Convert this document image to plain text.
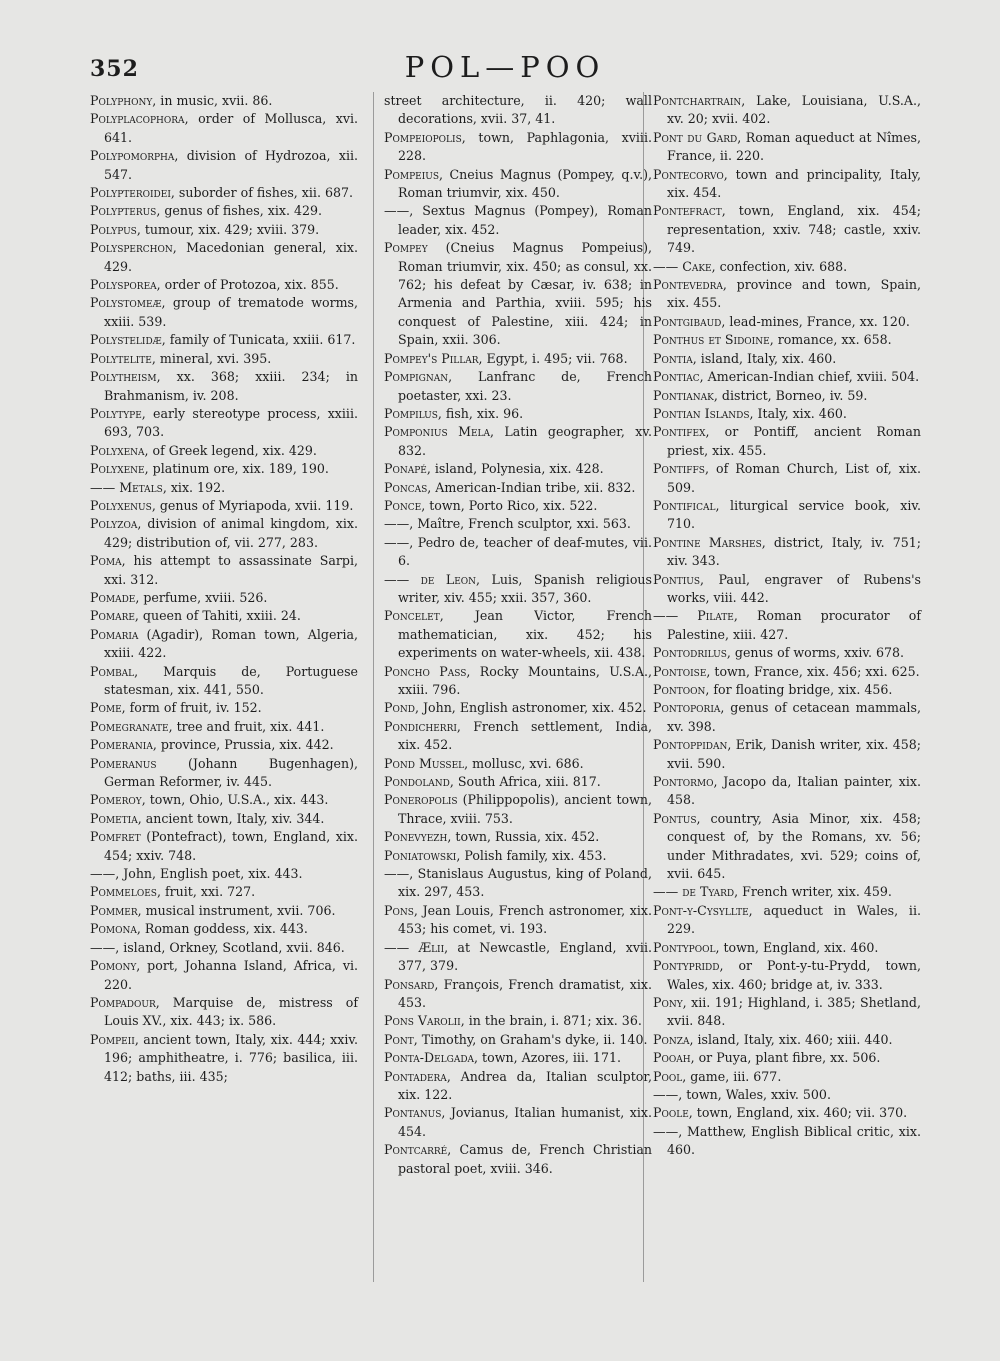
352	POL—POO

Polyphony, in music, xvii. 86.

Polyplacophora, order of Mollusca, xvi. 641.

Polypomorpha, division of Hydrozoa, xii. 547.

Polypteroidei, suborder of fishes, xii. 687.

Polypterus, genus of fishes, xix. 429.

Polypus, tumour, xix. 429; xviii. 379.

Polysperchon, Macedonian general, xix. 429.

Polysporea, order of Protozoa, xix. 855.

Polystomeæ, group of trematode worms, xxiii. 539.

Polystelidæ, family of Tunicata, xxiii. 617.

Polytelite, mineral, xvi. 395.

Polytheism, xx. 368; xxiii. 234; in Brahmanism, iv. 208.

Polytype, early stereotype process, xxiii. 693, 703.

Polyxena, of Greek legend, xix. 429.

Polyxene, platinum ore, xix. 189, 190.

—— Metals, xix. 192.

Polyxenus, genus of Myriapoda, xvii. 119.

Polyzoa, division of animal kingdom, xix. 429; distribution of, vii. 277, 283.

Poma, his attempt to assassinate Sarpi, xxi. 312.

Pomade, perfume, xviii. 526.

Pomare, queen of Tahiti, xxiii. 24.

Pomaria (Agadir), Roman town, Algeria, xxiii. 422.

Pombal, Marquis de, Portuguese statesman, xix. 441, 550.

Pome, form of fruit, iv. 152.

Pomegranate, tree and fruit, xix. 441.

Pomerania, province, Prussia, xix. 442.

Pomeranus (Johann Bugenhagen), German Reformer, iv. 445.

Pomeroy, town, Ohio, U.S.A., xix. 443.

Pometia, ancient town, Italy, xiv. 344.

Pomfret (Pontefract), town, England, xix. 454; xxiv. 748.

——, John, English poet, xix. 443.

Pommeloes, fruit, xxi. 727.

Pommer, musical instrument, xvii. 706.

Pomona, Roman goddess, xix. 443.

——, island, Orkney, Scotland, xvii. 846.

Pomony, port, Johanna Island, Africa, vi. 220.

Pompadour, Marquise de, mistress of Louis XV., xix. 443; ix. 586.

Pompeii, ancient town, Italy, xix. 444; xxiv. 196; amphitheatre, i. 776; basilica, iii. 412; baths, iii. 435;

street architecture, ii. 420; wall decorations, xvii. 37, 41.

Pompeiopolis, town, Paphlagonia, xviii. 228.

Pompeius, Cneius Magnus (Pompey, q.v.), Roman triumvir, xix. 450.

——, Sextus Magnus (Pompey), Roman leader, xix. 452.

Pompey (Cneius Magnus Pompeius), Roman triumvir, xix. 450; as consul, xx. 762; his defeat by Cæsar, iv. 638; in Armenia and Parthia, xviii. 595; his conquest of Palestine, xiii. 424; in Spain, xxii. 306.

Pompey's Pillar, Egypt, i. 495; vii. 768.

Pompignan, Lanfranc de, French poetaster, xxi. 23.

Pompilus, fish, xix. 96.

Pomponius Mela, Latin geographer, xv. 832.

Ponapé, island, Polynesia, xix. 428.

Poncas, American-Indian tribe, xii. 832.

Ponce, town, Porto Rico, xix. 522.

——, Maître, French sculptor, xxi. 563.

——, Pedro de, teacher of deaf-mutes, vii. 6.

—— de Leon, Luis, Spanish religious writer, xiv. 455; xxii. 357, 360.

Poncelet, Jean Victor, French mathematician, xix. 452; his experiments on water-wheels, xii. 438.

Poncho Pass, Rocky Mountains, U.S.A., xxiii. 796.

Pond, John, English astronomer, xix. 452.

Pondicherri, French settlement, India, xix. 452.

Pond Mussel, mollusc, xvi. 686.

Pondoland, South Africa, xiii. 817.

Poneropolis (Philippopolis), ancient town, Thrace, xviii. 753.

Ponevyezh, town, Russia, xix. 452.

Poniatowski, Polish family, xix. 453.

——, Stanislaus Augustus, king of Poland, xix. 297, 453.

Pons, Jean Louis, French astronomer, xix. 453; his comet, vi. 193.

—— Ælii, at Newcastle, England, xvii. 377, 379.

Ponsard, François, French dramatist, xix. 453.

Pons Varolii, in the brain, i. 871; xix. 36.

Pont, Timothy, on Graham's dyke, ii. 140.

Ponta-Delgada, town, Azores, iii. 171.

Pontadera, Andrea da, Italian sculptor, xix. 122.

Pontanus, Jovianus, Italian humanist, xix. 454.

Pontcarré, Camus de, French Christian pastoral poet, xviii. 346.

Pontchartrain, Lake, Louisiana, U.S.A., xv. 20; xvii. 402.

Pont du Gard, Roman aqueduct at Nîmes, France, ii. 220.

Pontecorvo, town and principality, Italy, xix. 454.

Pontefract, town, England, xix. 454; representation, xxiv. 748; castle, xxiv. 749.

—— Cake, confection, xiv. 688.

Pontevedra, province and town, Spain, xix. 455.

Pontgibaud, lead-mines, France, xx. 120.

Ponthus et Sidoine, romance, xx. 658.

Pontia, island, Italy, xix. 460.

Pontiac, American-Indian chief, xviii. 504.

Pontianak, district, Borneo, iv. 59.

Pontian Islands, Italy, xix. 460.

Pontifex, or Pontiff, ancient Roman priest, xix. 455.

Pontiffs, of Roman Church, List of, xix. 509.

Pontifical, liturgical service book, xiv. 710.

Pontine Marshes, district, Italy, iv. 751; xiv. 343.

Pontius, Paul, engraver of Rubens's works, viii. 442.

—— Pilate, Roman procurator of Palestine, xiii. 427.

Pontodrilus, genus of worms, xxiv. 678.

Pontoise, town, France, xix. 456; xxi. 625.

Pontoon, for floating bridge, xix. 456.

Pontoporia, genus of cetacean mammals, xv. 398.

Pontoppidan, Erik, Danish writer, xix. 458; xvii. 590.

Pontormo, Jacopo da, Italian painter, xix. 458.

Pontus, country, Asia Minor, xix. 458; conquest of, by the Romans, xv. 56; under Mithradates, xvi. 529; coins of, xvii. 645.

—— de Tyard, French writer, xix. 459.

Pont-y-Cysyllte, aqueduct in Wales, ii. 229.

Pontypool, town, England, xix. 460.

Pontypridd, or Pont-y-tu-Prydd, town, Wales, xix. 460; bridge at, iv. 333.

Pony, xii. 191; Highland, i. 385; Shetland, xvii. 848.

Ponza, island, Italy, xix. 460; xiii. 440.

Pooah, or Puya, plant fibre, xx. 506.

Pool, game, iii. 677.

——, town, Wales, xxiv. 500.

Poole, town, England, xix. 460; vii. 370.

——, Matthew, English Biblical critic, xix. 460.
